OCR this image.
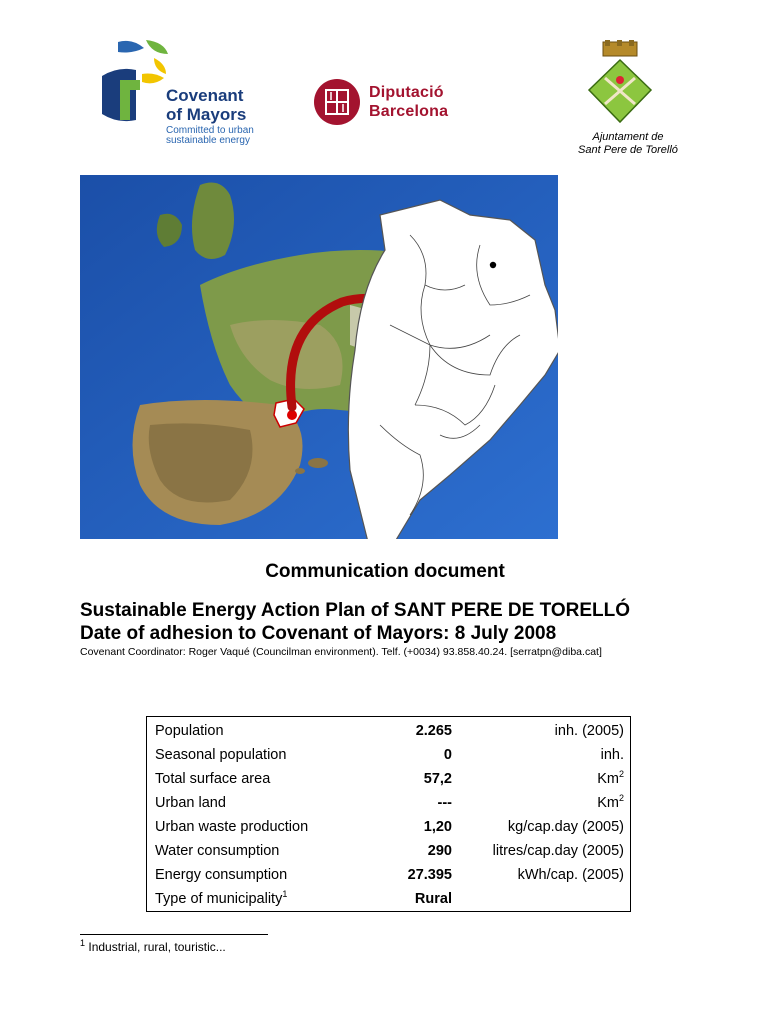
Covenant
of Mayors
Committed to urban
sustainable energy
Diputació
Barcelona
Ajuntament de
Sant Pere de Torelló
Communication document
Sustainable Energy Action Plan of SANT PERE DE TORELLÓ
Date of adhesion to Covenant of Mayors: 8 July 2008
Covenant Coordinator: Roger Vaqué (Councilman environment). Telf. (+0034) 93.858.40.24. [serratpn@diba.cat]
Population	2.265	inh. (2005)
Seasonal population	0	inh.
Total surface area	57,2	Km$^2$
Urban land	---	Km$^2$
Urban waste production	1,20	kg/cap.day (2005)
Water consumption	290	litres/cap.day (2005)
Energy consumption	27.395	kWh/cap. (2005)
Type of municipality$^1$	Rural
$^1$ Industrial, rural, touristic...
